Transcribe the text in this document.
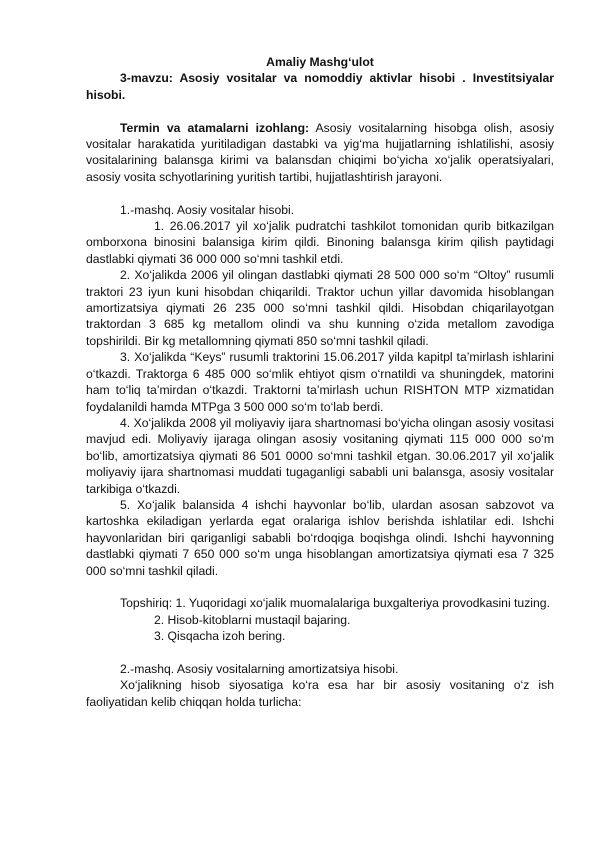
Amaliy Mashg‘ulot

3-mavzu: Asosiy vositalar va nomoddiy aktivlar hisobi . Investitsiyalar hisobi.

Termin va atamalarni izohlang: Asosiy vositalarning hisobga olish, asosiy vositalar harakatida yuritiladigan dastabki va yig‘ma hujjatlarning ishlatilishi, asosiy vositalarining balansga kirimi va balansdan chiqimi bo‘yicha xo‘jalik operatsiyalari, asosiy vosita schyotlarining yuritish tartibi, hujjatlashtirish jarayoni.

1.-mashq. Aosiy vositalar hisobi.

1. 26.06.2017 yil xo‘jalik pudratchi tashkilot tomonidan qurib bitkazilgan omborxona binosini balansiga kirim qildi. Binoning balansga kirim qilish paytidagi dastlabki qiymati 36 000 000 so‘mni tashkil etdi.

2. Xo‘jalikda 2006 yil olingan dastlabki qiymati 28 500 000 so‘m “Oltoy” rusumli traktori 23 iyun kuni hisobdan chiqarildi. Traktor uchun yillar davomida hisoblangan amortizatsiya qiymati 26 235 000 so‘mni tashkil qildi. Hisobdan chiqarilayotgan traktordan 3 685 kg metallom olindi va shu kunning o‘zida metallom zavodiga topshirildi. Bir kg metallomning qiymati 850 so‘mni tashkil qiladi.

3. Xo‘jalikda “Keys” rusumli traktorini 15.06.2017 yilda kapitpl ta’mirlash ishlarini o‘tkazdi. Traktorga 6 485 000 so‘mlik ehtiyot qism o‘rnatildi va shuningdek, matorini ham to‘liq ta’mirdan o‘tkazdi. Traktorni ta’mirlash uchun RISHTON MTP xizmatidan foydalanildi hamda MTPga 3 500 000 so‘m to‘lab berdi.

4. Xo‘jalikda 2008 yil moliyaviy ijara shartnomasi bo‘yicha olingan asosiy vositasi mavjud edi. Moliyaviy ijaraga olingan asosiy vositaning qiymati 115 000 000 so‘m bo‘lib, amortizatsiya qiymati 86 501 0000 so‘mni tashkil etgan. 30.06.2017 yil xo‘jalik moliyaviy ijara shartnomasi muddati tugaganligi sababli uni balansga, asosiy vositalar tarkibiga o‘tkazdi.

5. Xo‘jalik balansida 4 ishchi hayvonlar bo‘lib, ulardan asosan sabzovot va kartoshka ekiladigan yerlarda egat oralariga ishlov berishda ishlatilar edi. Ishchi hayvonlaridan biri qariganligi sababli bo‘rdoqiga boqishga olindi. Ishchi hayvonning dastlabki qiymati 7 650 000 so‘m unga hisoblangan amortizatsiya qiymati esa 7 325 000 so‘mni tashkil qiladi.

Topshiriq: 1. Yuqoridagi xo‘jalik muomalalariga buxgalteriya provodkasini tuzing.

2. Hisob-kitoblarni mustaqil bajaring.

3. Qisqacha izoh bering.

2.-mashq. Asosiy vositalarning amortizatsiya hisobi.

Xo‘jalikning hisob siyosatiga ko‘ra esa har bir asosiy vositaning o‘z ish faoliyatidan kelib chiqqan holda turlicha:
